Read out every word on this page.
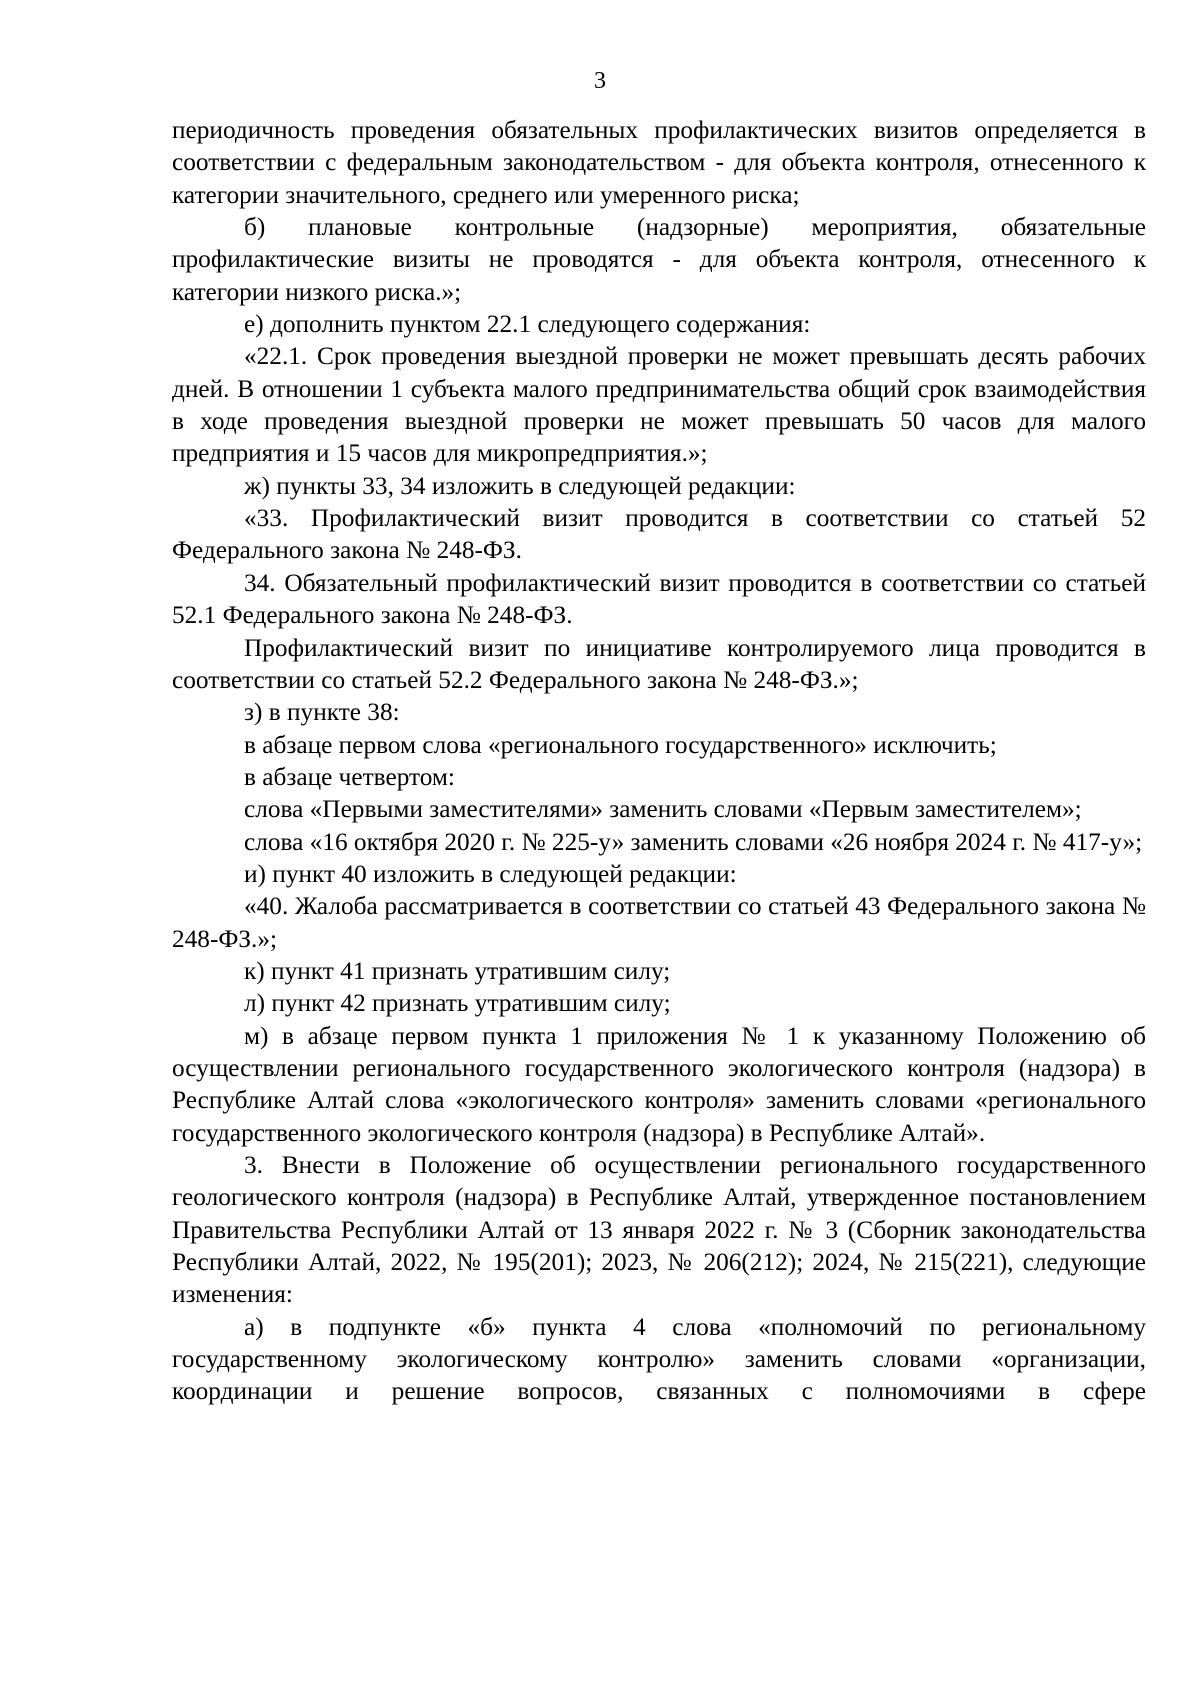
3

периодичность проведения обязательных профилактических визитов определяется в соответствии с федеральным законодательством - для объекта контроля, отнесенного к категории значительного, среднего или умеренного риска;

б) плановые контрольные (надзорные) мероприятия, обязательные профилактические визиты не проводятся - для объекта контроля, отнесенного к категории низкого риска.»;

е) дополнить пунктом 22.1 следующего содержания:

«22.1. Срок проведения выездной проверки не может превышать десять рабочих дней. В отношении 1 субъекта малого предпринимательства общий срок взаимодействия в ходе проведения выездной проверки не может превышать 50 часов для малого предприятия и 15 часов для микропредприятия.»;

ж) пункты 33, 34 изложить в следующей редакции:

«33. Профилактический визит проводится в соответствии со статьей 52 Федерального закона № 248-ФЗ.

34. Обязательный профилактический визит проводится в соответствии со статьей 52.1 Федерального закона № 248-ФЗ.

Профилактический визит по инициативе контролируемого лица проводится в соответствии со статьей 52.2 Федерального закона № 248-ФЗ.»;

з) в пункте 38:

в абзаце первом слова «регионального государственного» исключить;

в абзаце четвертом:

слова «Первыми заместителями» заменить словами «Первым заместителем»;

слова «16 октября 2020 г. № 225-у» заменить словами «26 ноября 2024 г. № 417-у»;

и) пункт 40 изложить в следующей редакции:

«40. Жалоба рассматривается в соответствии со статьей 43 Федерального закона № 248-ФЗ.»;

к) пункт 41 признать утратившим силу;

л) пункт 42 признать утратившим силу;

м) в абзаце первом пункта 1 приложения № 1 к указанному Положению об осуществлении регионального государственного экологического контроля (надзора) в Республике Алтай слова «экологического контроля» заменить словами «регионального государственного экологического контроля (надзора) в Республике Алтай».

3. Внести в Положение об осуществлении регионального государственного геологического контроля (надзора) в Республике Алтай, утвержденное постановлением Правительства Республики Алтай от 13 января 2022 г. № 3 (Сборник законодательства Республики Алтай, 2022, № 195(201); 2023, № 206(212); 2024, № 215(221), следующие изменения:

а) в подпункте «б» пункта 4 слова «полномочий по региональному государственному экологическому контролю» заменить словами «организации, координации и решение вопросов, связанных с полномочиями в сфере
